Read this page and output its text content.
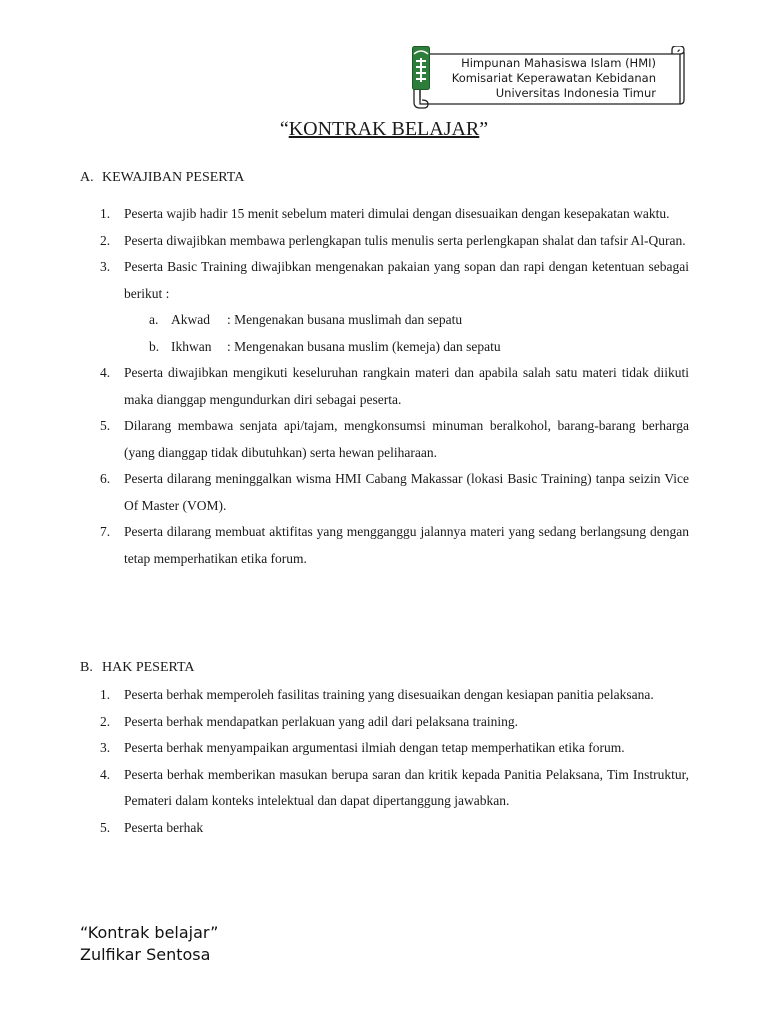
Himpunan Mahasiswa Islam (HMI)
Komisariat Keperawatan Kebidanan
Universitas Indonesia Timur
“KONTRAK BELAJAR”
A. KEWAJIBAN PESERTA
1. Peserta wajib hadir 15 menit sebelum materi dimulai dengan disesuaikan dengan kesepakatan waktu.
2. Peserta diwajibkan membawa perlengkapan tulis menulis serta perlengkapan shalat dan tafsir Al-Quran.
3. Peserta Basic Training diwajibkan mengenakan pakaian yang sopan dan rapi dengan ketentuan sebagai berikut :
a. Akwad : Mengenakan busana muslimah dan sepatu
b. Ikhwan : Mengenakan busana muslim (kemeja) dan sepatu
4. Peserta diwajibkan mengikuti keseluruhan rangkain materi dan apabila salah satu materi tidak diikuti maka dianggap mengundurkan diri sebagai peserta.
5. Dilarang membawa senjata api/tajam, mengkonsumsi minuman beralkohol, barang-barang berharga (yang dianggap tidak dibutuhkan) serta hewan peliharaan.
6. Peserta dilarang meninggalkan wisma HMI Cabang Makassar (lokasi Basic Training) tanpa seizin Vice Of Master (VOM).
7. Peserta dilarang membuat aktifitas yang mengganggu jalannya materi yang sedang berlangsung dengan tetap memperhatikan etika forum.
B. HAK PESERTA
1. Peserta berhak memperoleh fasilitas training yang disesuaikan dengan kesiapan panitia pelaksana.
2. Peserta berhak mendapatkan perlakuan yang adil dari pelaksana training.
3. Peserta berhak menyampaikan argumentasi ilmiah dengan tetap memperhatikan etika forum.
4. Peserta berhak memberikan masukan berupa saran dan kritik kepada Panitia Pelaksana, Tim Instruktur, Pemateri dalam konteks intelektual dan dapat dipertanggung jawabkan.
5. Peserta berhak
“Kontrak belajar”
Zulfikar Sentosa
